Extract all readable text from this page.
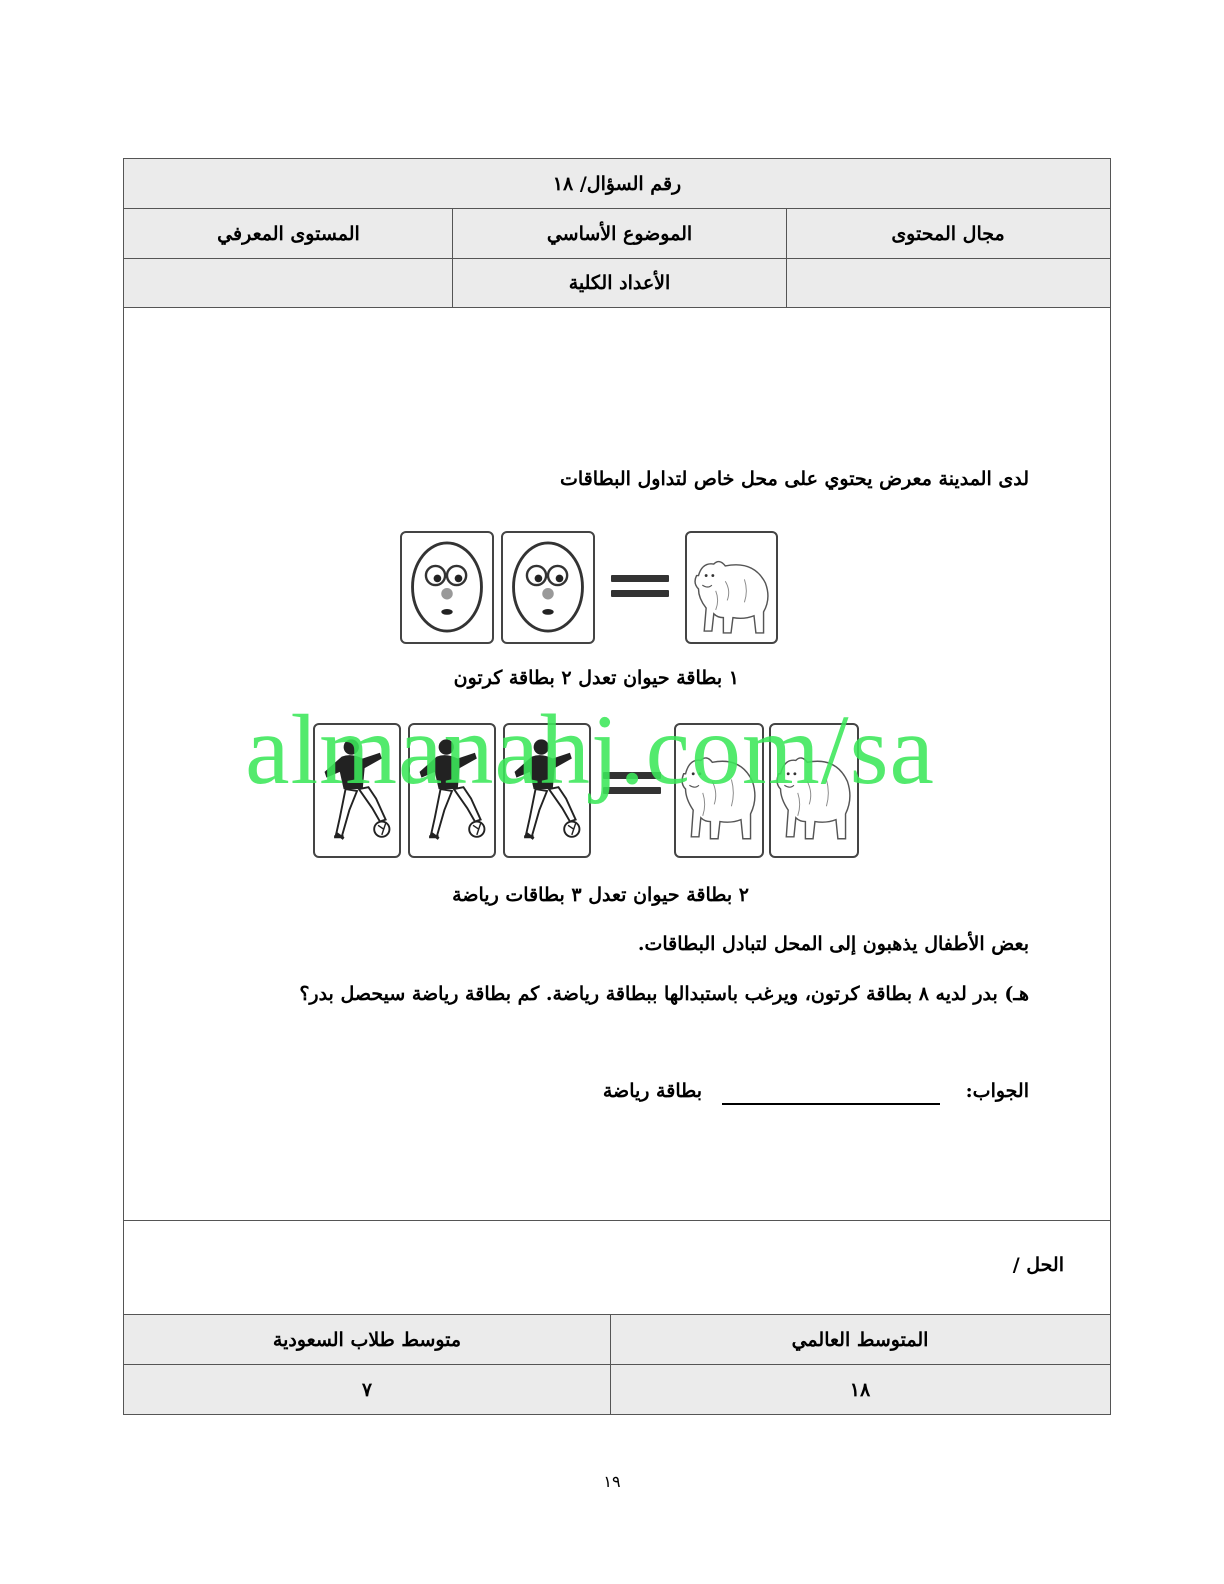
رقم السؤال/ ١٨
مجال المحتوى
الموضوع الأساسي
المستوى المعرفي
الأعداد الكلية
لدى المدينة معرض يحتوي على محل خاص لتداول البطاقات
١ بطاقة حيوان تعدل ٢ بطاقة كرتون
٢ بطاقة حيوان تعدل ٣ بطاقات رياضة
بعض الأطفال يذهبون إلى المحل لتبادل البطاقات.
هـ) بدر لديه ٨ بطاقة كرتون، ويرغب باستبدالها ببطاقة رياضة. كم بطاقة رياضة سيحصل بدر؟
الجواب:
بطاقة رياضة
الحل /
المتوسط العالمي
متوسط طلاب السعودية
١٨
٧
almanahj.com/sa
١٩
